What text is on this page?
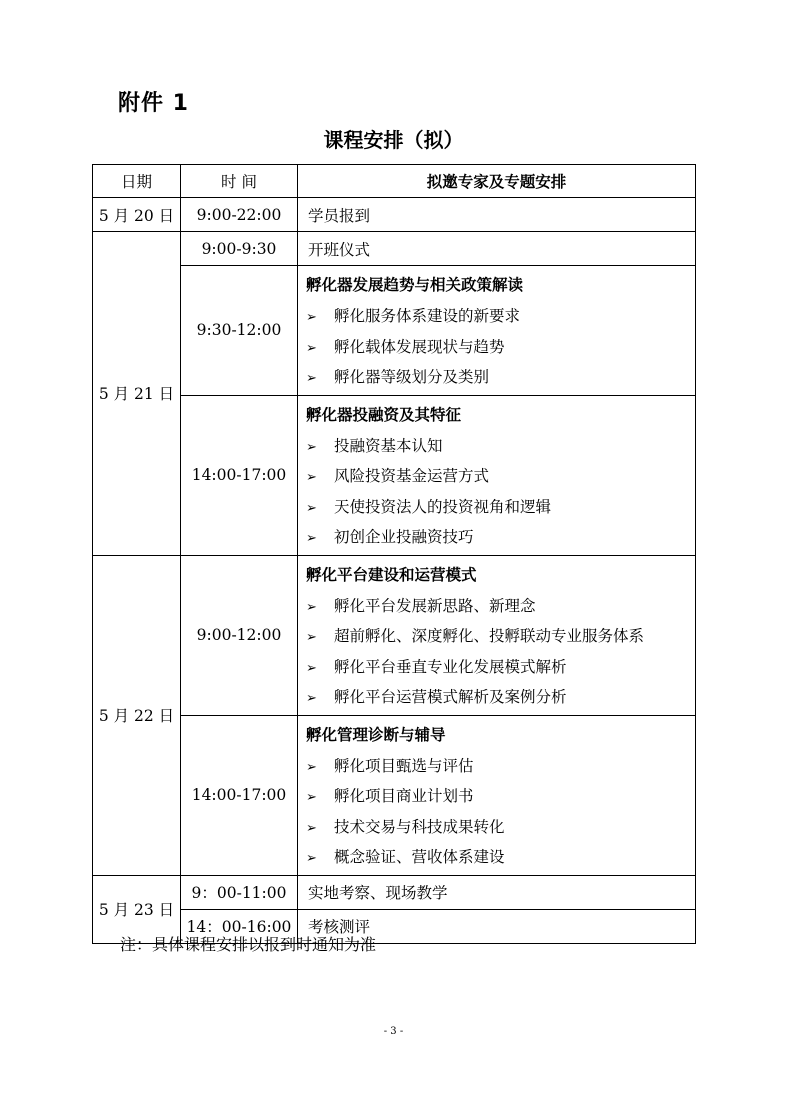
附件 1
课程安排（拟）
日期	时 间	拟邀专家及专题安排
5 月 20 日	9:00-22:00	学员报到
5 月 21 日	9:00-9:30	开班仪式
	9:30-12:00	孵化器发展趋势与相关政策解读
➢ 孵化服务体系建设的新要求
➢ 孵化载体发展现状与趋势
➢ 孵化器等级划分及类别

	14:00-17:00	孵化器投融资及其特征
➢ 投融资基本认知
➢ 风险投资基金运营方式
➢ 天使投资法人的投资视角和逻辑
➢ 初创企业投融资技巧

5 月 22 日	9:00-12:00	孵化平台建设和运营模式
➢ 孵化平台发展新思路、新理念
➢ 超前孵化、深度孵化、投孵联动专业服务体系
➢ 孵化平台垂直专业化发展模式解析
➢ 孵化平台运营模式解析及案例分析

	14:00-17:00	孵化管理诊断与辅导
➢ 孵化项目甄选与评估
➢ 孵化项目商业计划书
➢ 技术交易与科技成果转化
➢ 概念验证、营收体系建设

5 月 23 日	9：00-11:00	实地考察、现场教学
	14：00-16:00	考核测评
注：具体课程安排以报到时通知为准
- 3 -
